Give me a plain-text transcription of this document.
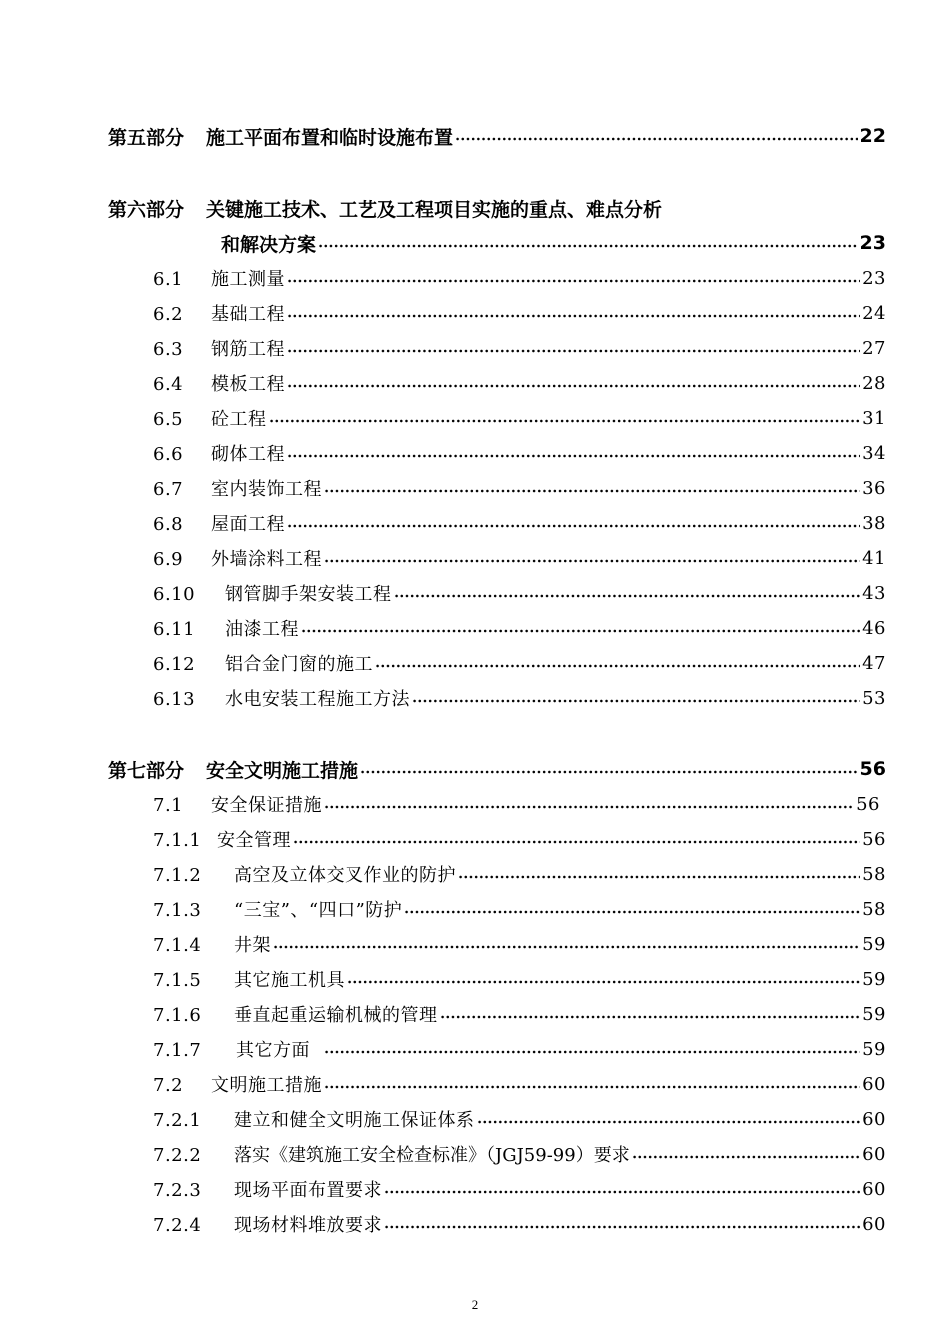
第五部分 施工平面布置和临时设施布置	22
第六部分 关键施工技术、工艺及工程项目实施的重点、难点分析
和解决方案	23
6.1	施工测量	23
6.2	基础工程	24
6.3	钢筋工程	27
6.4	模板工程	28
6.5	砼工程	31
6.6	砌体工程	34
6.7	室内装饰工程	36
6.8	屋面工程	38
6.9	外墙涂料工程	41
6.10	钢管脚手架安装工程	43
6.11	油漆工程	46
6.12	铝合金门窗的施工	47
6.13	水电安装工程施工方法	53
第七部分 安全文明施工措施	56
7.1	安全保证措施	56
7.1.1 安全管理	56
7.1.2	高空及立体交叉作业的防护	58
7.1.3	“三宝”、“四口”防护	58
7.1.4	井架	59
7.1.5	其它施工机具	59
7.1.6	垂直起重运输机械的管理	59
7.1.7	其它方面	59
7.2	文明施工措施	60
7.2.1	建立和健全文明施工保证体系	60
7.2.2	落实《建筑施工安全检查标准》（JGJ59-99）要求	60
7.2.3	现场平面布置要求	60
7.2.4	现场材料堆放要求	60
2
